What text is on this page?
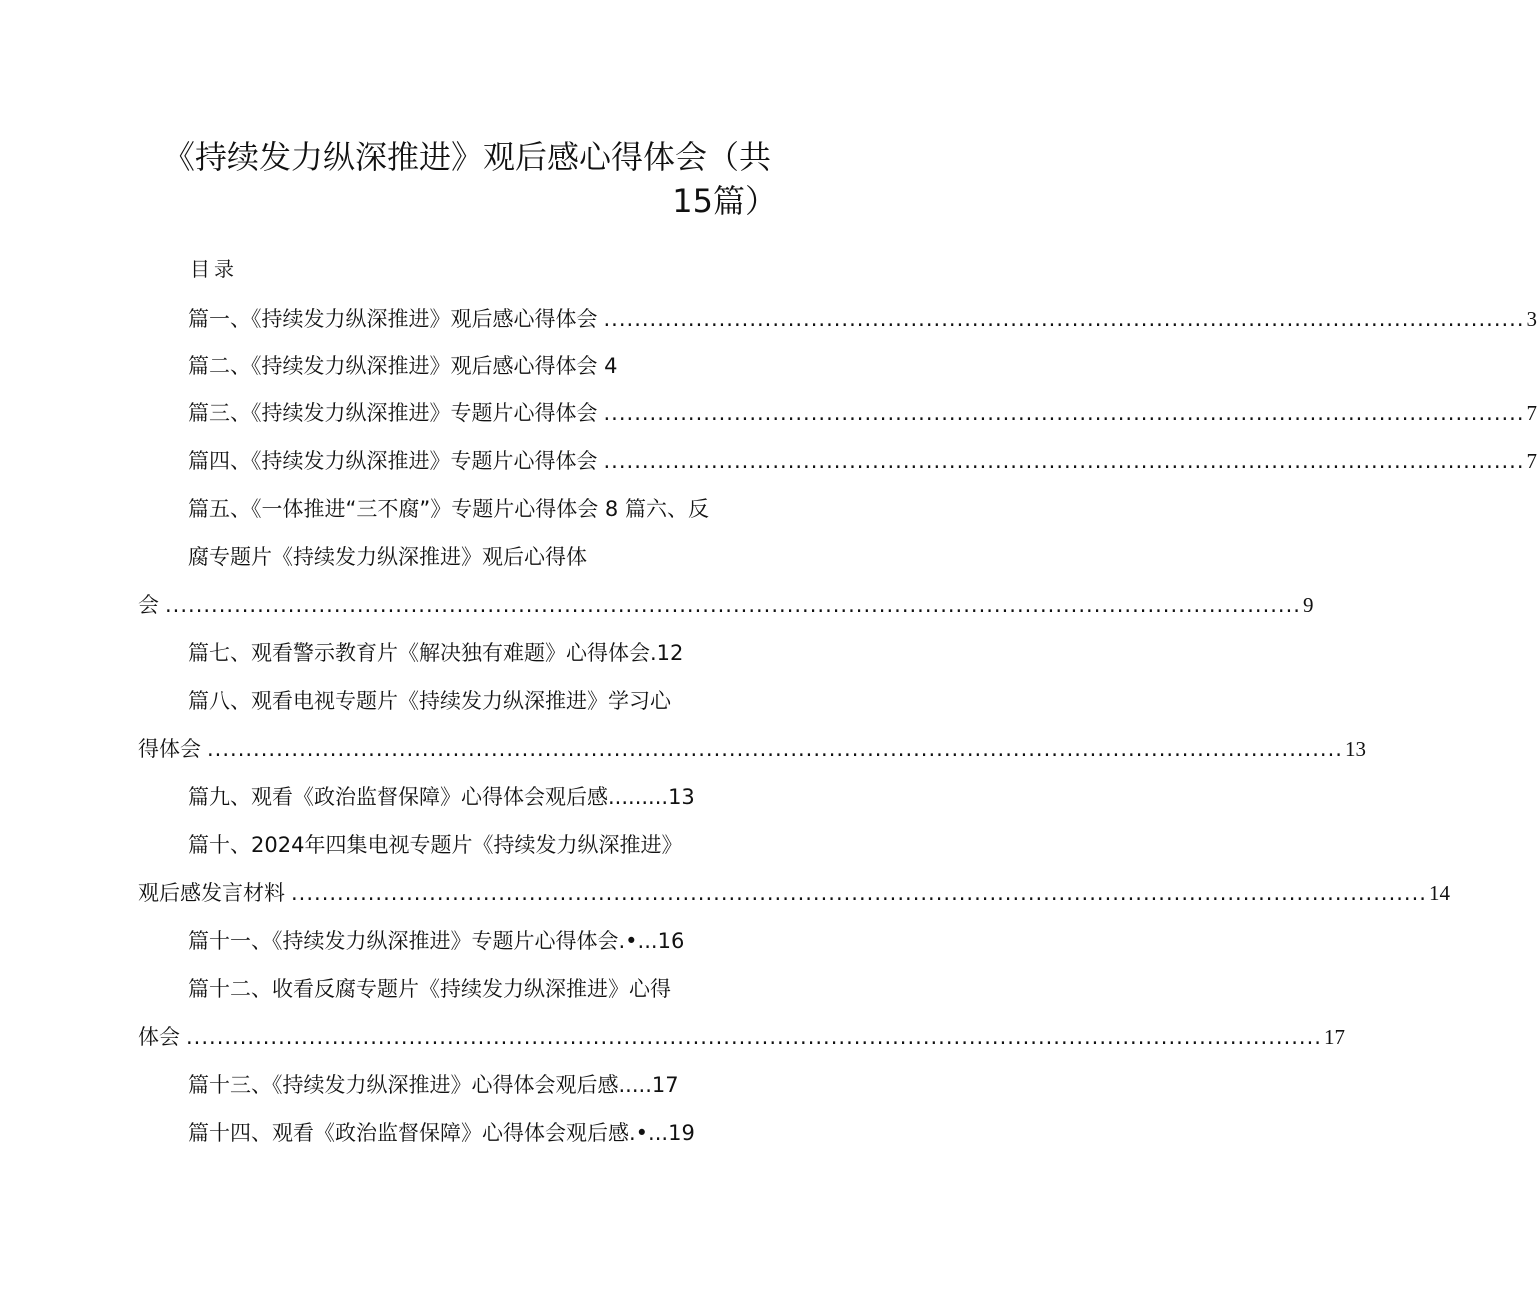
《持续发力纵深推进》观后感心得体会（共
15篇）
目录
篇一、《持续发力纵深推进》观后感心得体会 ........................................................................................................................ 3
篇二、《持续发力纵深推进》观后感心得体会 4
篇三、《持续发力纵深推进》专题片心得体会 ........................................................................................................................ 7
篇四、《持续发力纵深推进》专题片心得体会 ........................................................................................................................ 7
篇五、《一体推进“三不腐”》专题片心得体会 8 篇六、反
腐专题片《持续发力纵深推进》观后心得体
会 .................................................................................................................................................... 9
篇七、观看警示教育片《解决独有难题》心得体会.12
篇八、观看电视专题片《持续发力纵深推进》学习心
得体会 .................................................................................................................................................... 13
篇九、观看《政治监督保障》心得体会观后感.........13
篇十、2024年四集电视专题片《持续发力纵深推进》
观后感发言材料 .................................................................................................................................................... 14
篇十一、《持续发力纵深推进》专题片心得体会.•...16
篇十二、收看反腐专题片《持续发力纵深推进》心得
体会 .................................................................................................................................................... 17
篇十三、《持续发力纵深推进》心得体会观后感.....17
篇十四、观看《政治监督保障》心得体会观后感.•...19
